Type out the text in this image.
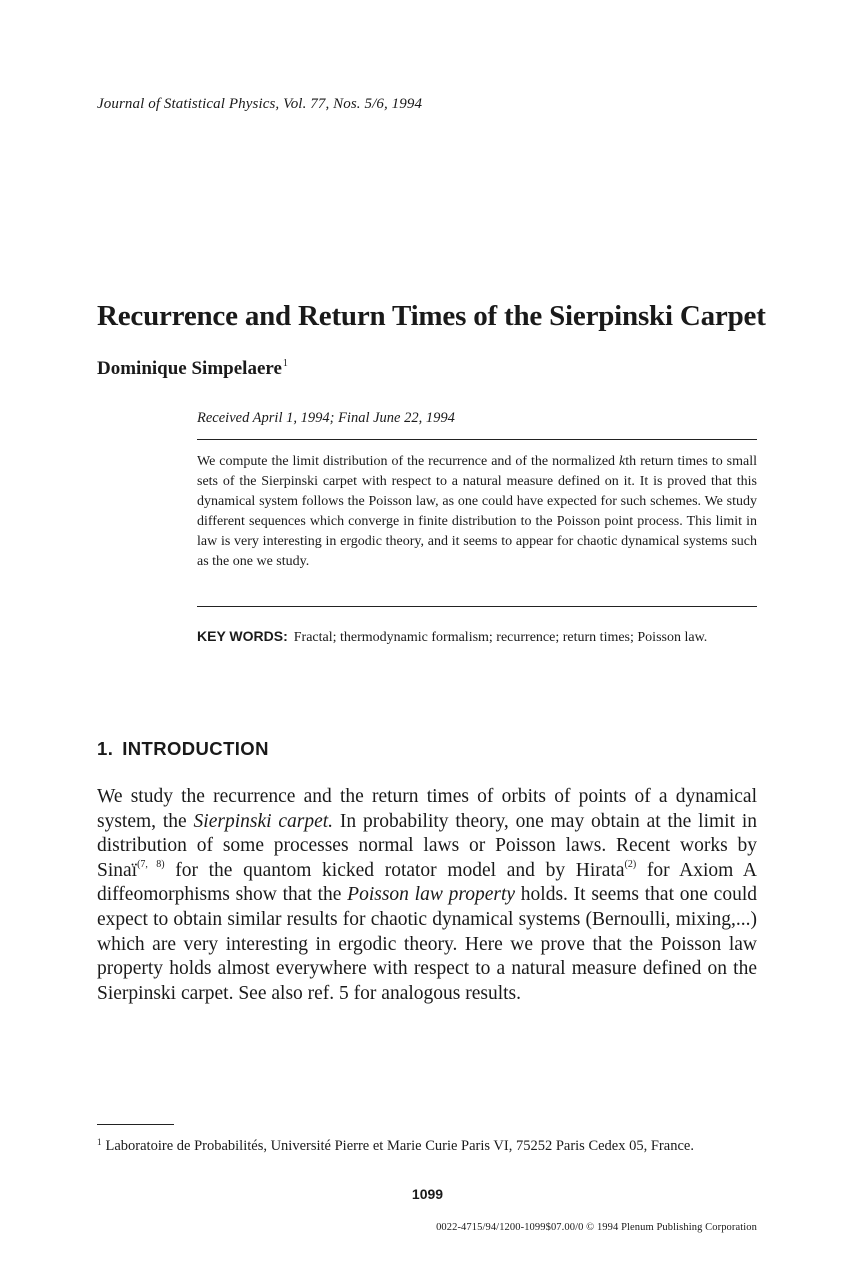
Journal of Statistical Physics, Vol. 77, Nos. 5/6, 1994
Recurrence and Return Times of the Sierpinski Carpet
Dominique Simpelaere$^1$
Received April 1, 1994; Final June 22, 1994

We compute the limit distribution of the recurrence and of the normalized kth return times to small sets of the Sierpinski carpet with respect to a natural measure defined on it. It is proved that this dynamical system follows the Poisson law, as one could have expected for such schemes. We study different sequences which converge in finite distribution to the Poisson point process. This limit in law is very interesting in ergodic theory, and it seems to appear for chaotic dynamical systems such as the one we study.

KEY WORDS: Fractal; thermodynamic formalism; recurrence; return times; Poisson law.

1. INTRODUCTION

We study the recurrence and the return times of orbits of points of a dynamical system, the Sierpinski carpet. In probability theory, one may obtain at the limit in distribution of some processes normal laws or Poisson laws. Recent works by Sinaï$^{(7, 8)}$ for the quantom kicked rotator model and by Hirata$^{(2)}$ for Axiom A diffeomorphisms show that the Poisson law property holds. It seems that one could expect to obtain similar results for chaotic dynamical systems (Bernoulli, mixing,...) which are very interesting in ergodic theory. Here we prove that the Poisson law property holds almost everywhere with respect to a natural measure defined on the Sierpinski carpet. See also ref. 5 for analogous results.

$^1$ Laboratoire de Probabilités, Université Pierre et Marie Curie Paris VI, 75252 Paris Cedex 05, France.

1099
0022-4715/94/1200-1099$07.00/0 © 1994 Plenum Publishing Corporation
